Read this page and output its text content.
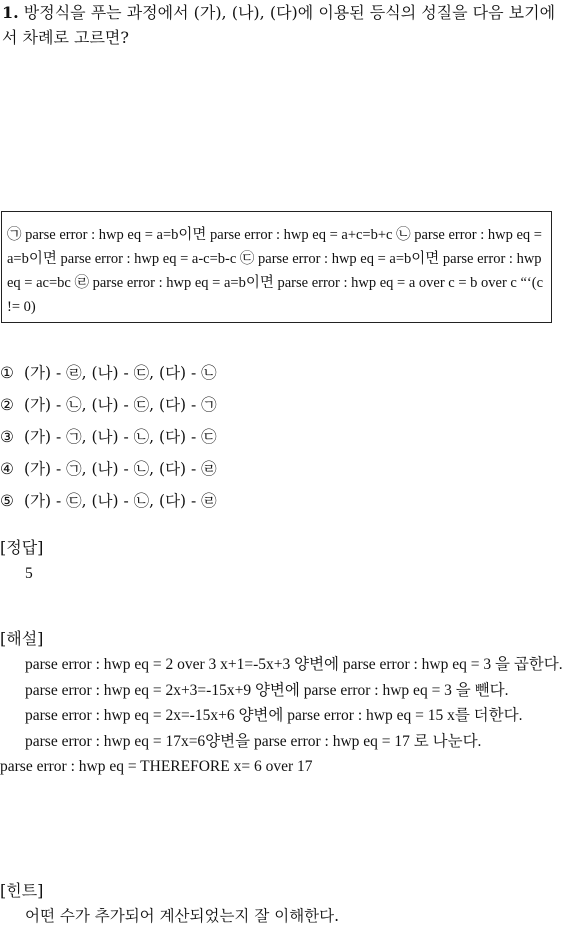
1. 방정식을 푸는 과정에서 (가), (나), (다)에 이용된 등식의 성질을 다음 보기에서 차례로 고르면?
㉠ parse error : hwp eq = a=b이면 parse error : hwp eq = a+c=b+c ㉡ parse error : hwp eq = a=b이면 parse error : hwp eq = a-c=b-c ㉢ parse error : hwp eq = a=b이면 parse error : hwp eq = ac=bc ㉣ parse error : hwp eq = a=b이면 parse error : hwp eq = a over c = b over c “‘(c != 0)
① (가) - ㉣, (나) - ㉢, (다) - ㉡
② (가) - ㉡, (나) - ㉢, (다) - ㉠
③ (가) - ㉠, (나) - ㉡, (다) - ㉢
④ (가) - ㉠, (나) - ㉡, (다) - ㉣
⑤ (가) - ㉢, (나) - ㉡, (다) - ㉣
[정답]
5
[해설]

parse error : hwp eq = 2 over 3 x+1=-5x+3 양변에 parse error : hwp eq = 3 을 곱한다.

parse error : hwp eq = 2x+3=-15x+9 양변에 parse error : hwp eq = 3 을 뺀다.

parse error : hwp eq = 2x=-15x+6 양변에 parse error : hwp eq = 15 x를 더한다.

parse error : hwp eq = 17x=6양변을 parse error : hwp eq = 17 로 나눈다.

parse error : hwp eq = THEREFORE x= 6 over 17

[힌트]
어떤 수가 추가되어 계산되었는지 잘 이해한다.
